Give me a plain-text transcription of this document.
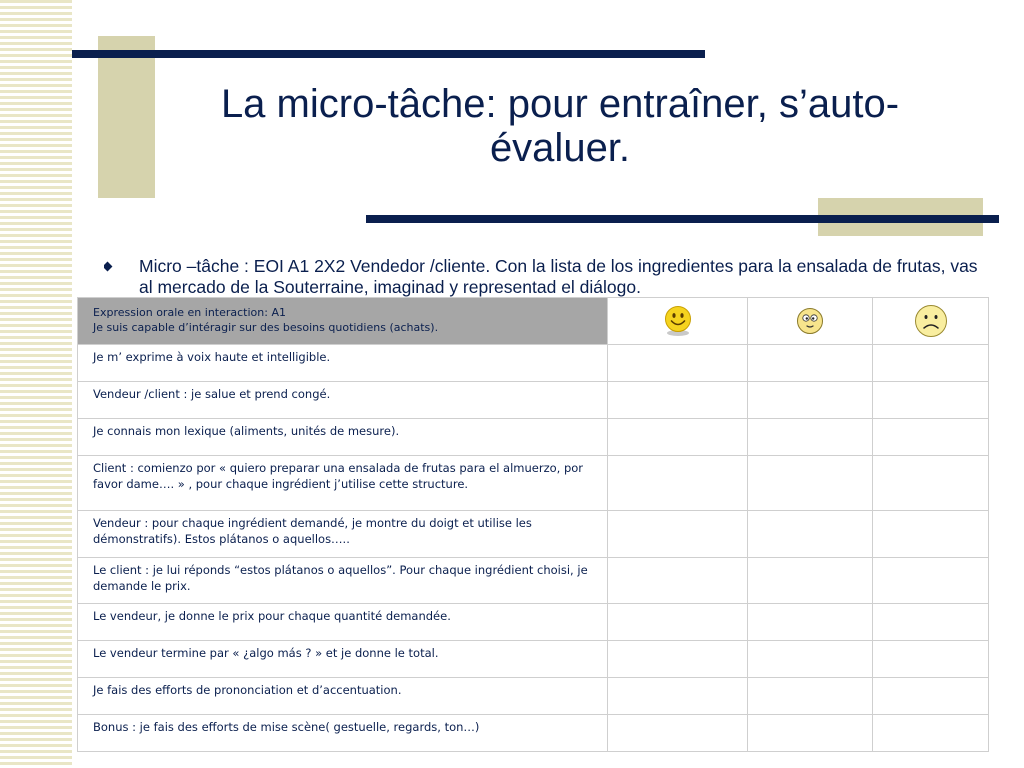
La micro-tâche: pour entraîner, s’auto-évaluer.

Micro –tâche : EOI A1 2X2 Vendedor /cliente. Con la lista de los ingredientes para la ensalada de frutas, vas al mercado de la Souterraine, imaginad y representad el diálogo.

Expression orale en interaction: A1
Je suis capable d’intéragir sur des besoins quotidiens (achats).

Je m’ exprime à voix haute et intelligible.			

Vendeur /client : je salue et prend congé.			

Je connais mon lexique (aliments, unités de mesure).			

Client : comienzo por « quiero preparar una ensalada de frutas para el almuerzo, por favor dame…. » , pour chaque ingrédient j’utilise cette structure.			

Vendeur : pour chaque ingrédient demandé, je montre du doigt et utilise les démonstratifs). Estos plátanos o aquellos…..			

Le client : je lui réponds “estos plátanos o aquellos”. Pour chaque ingrédient choisi, je demande le prix.			

Le vendeur, je donne le prix pour chaque quantité demandée.			

Le vendeur termine par « ¿algo más ? » et je donne le total.			

Je fais des efforts de prononciation et d’accentuation.			

Bonus : je fais des efforts de mise scène( gestuelle, regards, ton…)			
